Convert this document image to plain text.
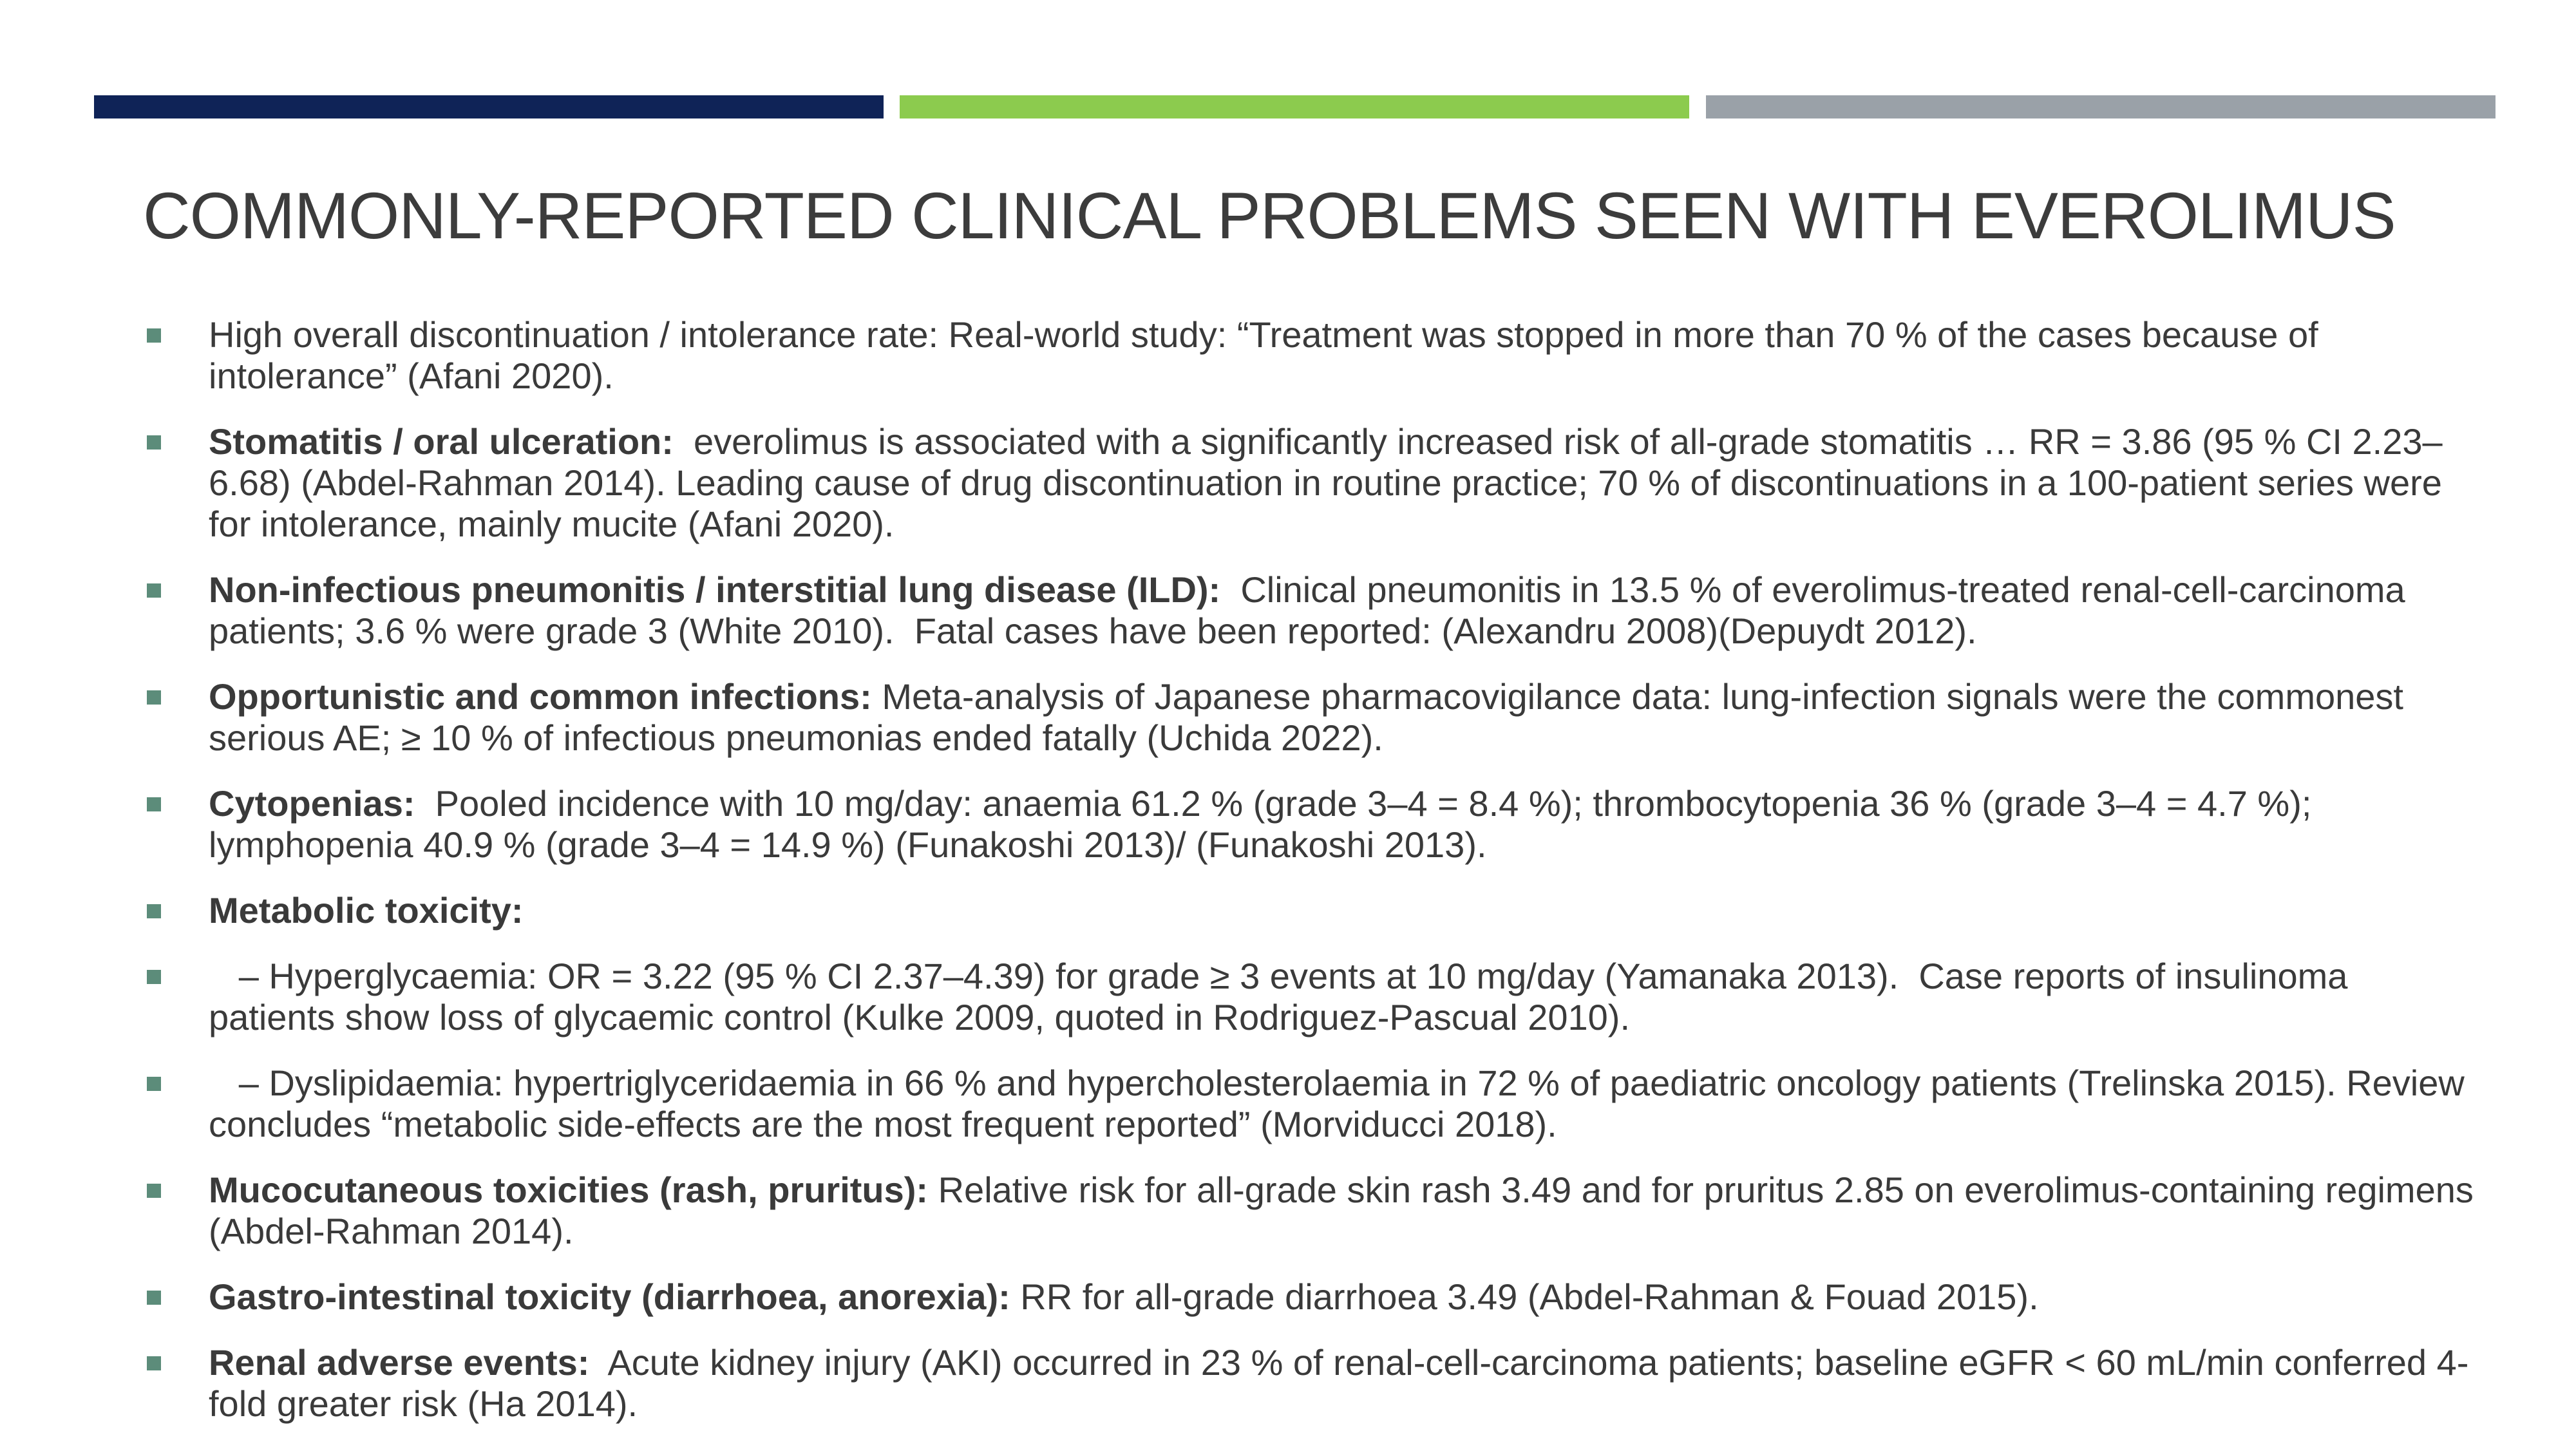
COMMONLY-REPORTED CLINICAL PROBLEMS SEEN WITH EVEROLIMUS
High overall discontinuation / intolerance rate: Real-world study: “Treatment was stopped in more than 70 % of the cases because of intolerance” (Afani 2020).
Stomatitis / oral ulceration:  everolimus is associated with a significantly increased risk of all-grade stomatitis … RR = 3.86 (95 % CI 2.23–6.68) (Abdel-Rahman 2014). Leading cause of drug discontinuation in routine practice; 70 % of discontinuations in a 100-patient series were for intolerance, mainly mucite (Afani 2020).
Non-infectious pneumonitis / interstitial lung disease (ILD):  Clinical pneumonitis in 13.5 % of everolimus-treated renal-cell-carcinoma patients; 3.6 % were grade 3 (White 2010).  Fatal cases have been reported: (Alexandru 2008)(Depuydt 2012).
Opportunistic and common infections: Meta-analysis of Japanese pharmacovigilance data: lung-infection signals were the commonest serious AE; ≥ 10 % of infectious pneumonias ended fatally (Uchida 2022).
Cytopenias:  Pooled incidence with 10 mg/day: anaemia 61.2 % (grade 3–4 = 8.4 %); thrombocytopenia 36 % (grade 3–4 = 4.7 %); lymphopenia 40.9 % (grade 3–4 = 14.9 %) (Funakoshi 2013)/ (Funakoshi 2013).
Metabolic toxicity:
– Hyperglycaemia: OR = 3.22 (95 % CI 2.37–4.39) for grade ≥ 3 events at 10 mg/day (Yamanaka 2013).  Case reports of insulinoma patients show loss of glycaemic control (Kulke 2009, quoted in Rodriguez-Pascual 2010).
– Dyslipidaemia: hypertriglyceridaemia in 66 % and hypercholesterolaemia in 72 % of paediatric oncology patients (Trelinska 2015). Review concludes “metabolic side-effects are the most frequent reported” (Morviducci 2018).
Mucocutaneous toxicities (rash, pruritus): Relative risk for all-grade skin rash 3.49 and for pruritus 2.85 on everolimus-containing regimens (Abdel-Rahman 2014).
Gastro-intestinal toxicity (diarrhoea, anorexia): RR for all-grade diarrhoea 3.49 (Abdel-Rahman & Fouad 2015).
Renal adverse events:  Acute kidney injury (AKI) occurred in 23 % of renal-cell-carcinoma patients; baseline eGFR < 60 mL/min conferred 4-fold greater risk (Ha 2014).
